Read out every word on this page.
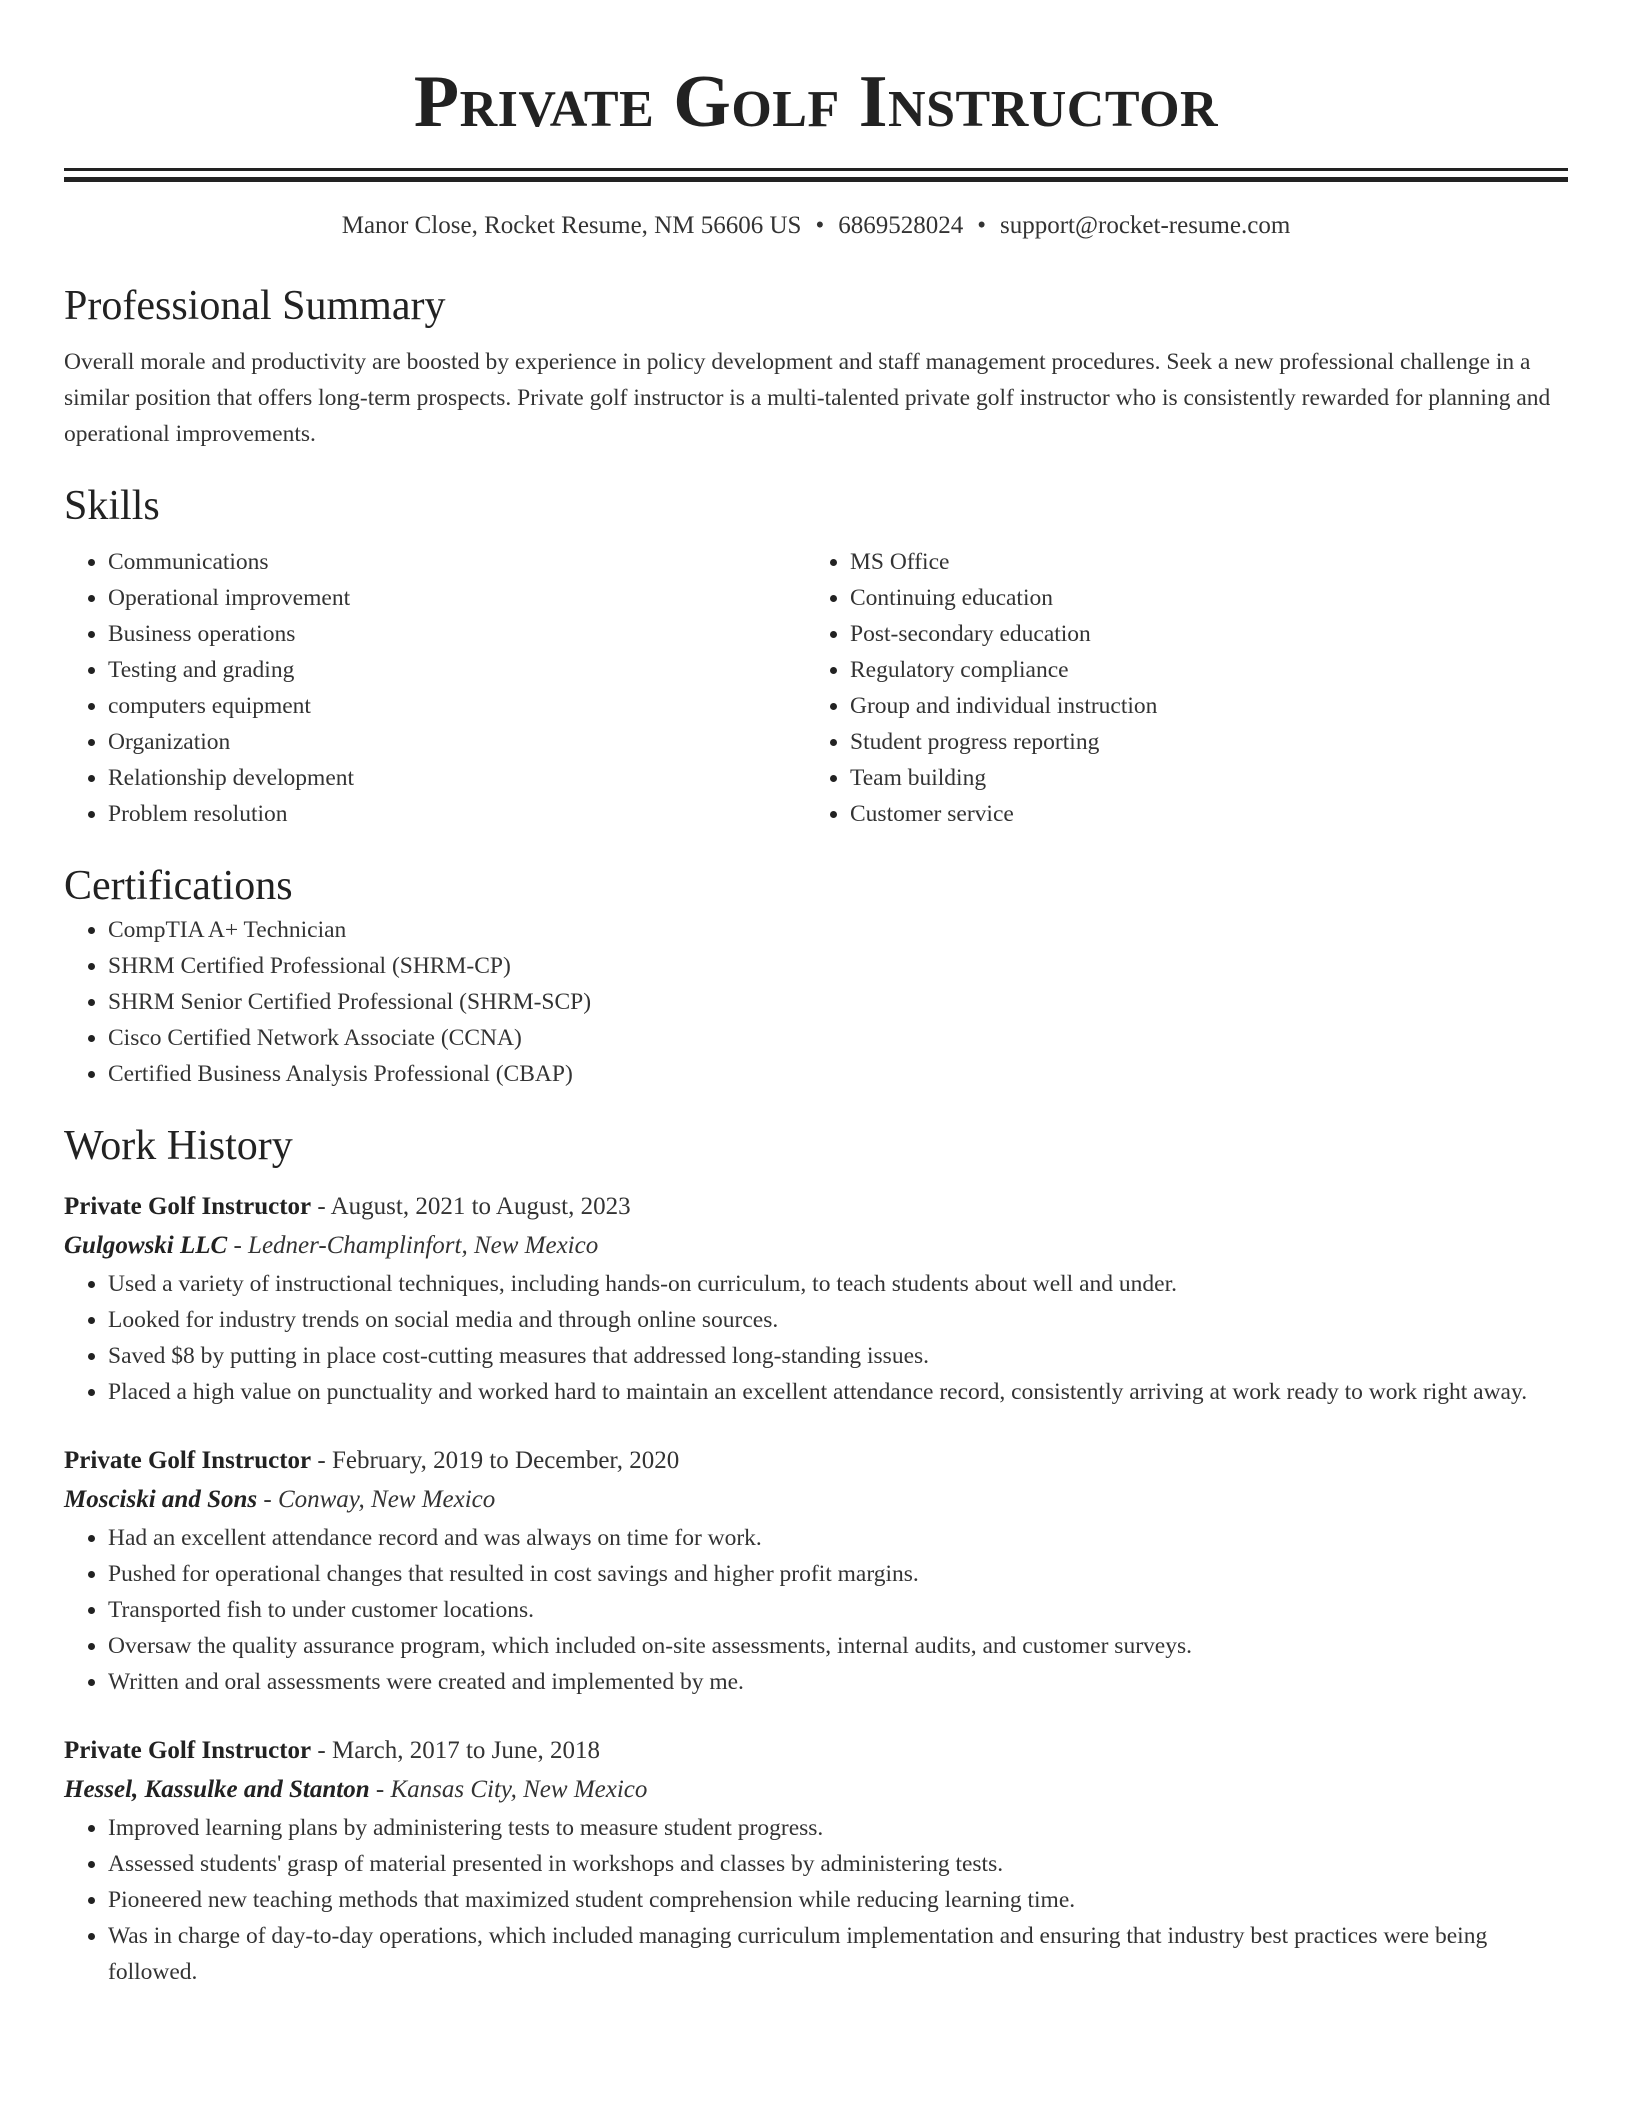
Private Golf Instructor
Manor Close, Rocket Resume, NM 56606 US • 6869528024 • support@rocket-resume.com
Professional Summary

Overall morale and productivity are boosted by experience in policy development and staff management procedures. Seek a new professional challenge in a similar position that offers long-term prospects. Private golf instructor is a multi-talented private golf instructor who is consistently rewarded for planning and operational improvements.

Skills
• Communications
• Operational improvement
• Business operations
• Testing and grading
• computers equipment
• Organization
• Relationship development
• Problem resolution
• MS Office
• Continuing education
• Post-secondary education
• Regulatory compliance
• Group and individual instruction
• Student progress reporting
• Team building
• Customer service
Certifications
• CompTIA A+ Technician
• SHRM Certified Professional (SHRM-CP)
• SHRM Senior Certified Professional (SHRM-SCP)
• Cisco Certified Network Associate (CCNA)
• Certified Business Analysis Professional (CBAP)
Work History
Private Golf Instructor - August, 2021 to August, 2023
Gulgowski LLC - Ledner-Champlinfort, New Mexico
• Used a variety of instructional techniques, including hands-on curriculum, to teach students about well and under.
• Looked for industry trends on social media and through online sources.
• Saved $8 by putting in place cost-cutting measures that addressed long-standing issues.
• Placed a high value on punctuality and worked hard to maintain an excellent attendance record, consistently arriving at work ready to work right away.
Private Golf Instructor - February, 2019 to December, 2020
Mosciski and Sons - Conway, New Mexico
• Had an excellent attendance record and was always on time for work.
• Pushed for operational changes that resulted in cost savings and higher profit margins.
• Transported fish to under customer locations.
• Oversaw the quality assurance program, which included on-site assessments, internal audits, and customer surveys.
• Written and oral assessments were created and implemented by me.
Private Golf Instructor - March, 2017 to June, 2018
Hessel, Kassulke and Stanton - Kansas City, New Mexico
• Improved learning plans by administering tests to measure student progress.
• Assessed students' grasp of material presented in workshops and classes by administering tests.
• Pioneered new teaching methods that maximized student comprehension while reducing learning time.
• Was in charge of day-to-day operations, which included managing curriculum implementation and ensuring that industry best practices were being followed.
